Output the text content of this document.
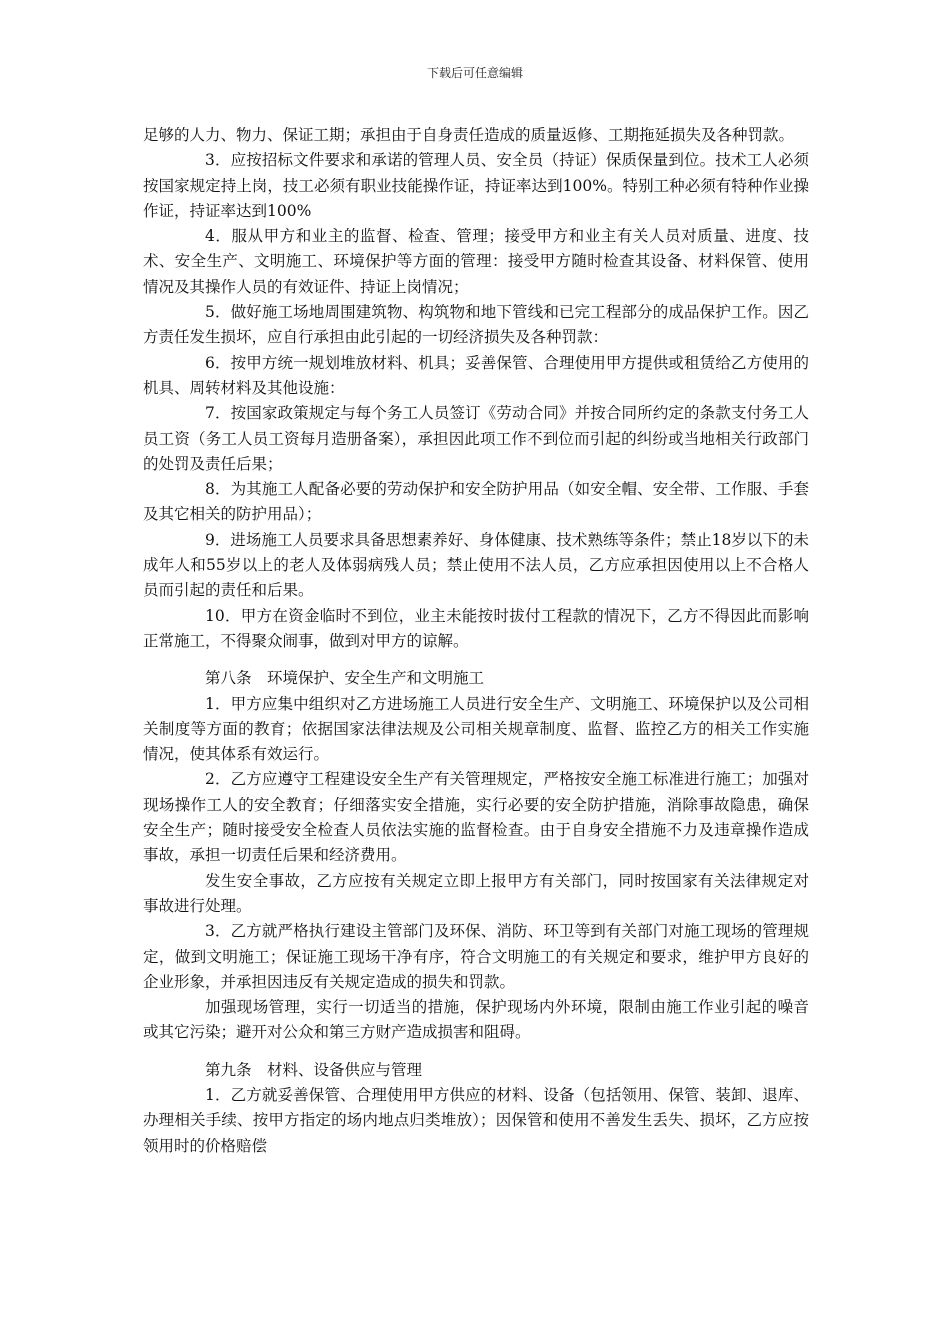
下载后可任意编辑

足够的人力、物力、保证工期；承担由于自身责任造成的质量返修、工期拖延损失及各种罚款。

3．应按招标文件要求和承诺的管理人员、安全员（持证）保质保量到位。技术工人必须按国家规定持上岗，技工必须有职业技能操作证，持证率达到100%。特别工种必须有特种作业操作证，持证率达到100%

4．服从甲方和业主的监督、检查、管理；接受甲方和业主有关人员对质量、进度、技术、安全生产、文明施工、环境保护等方面的管理：接受甲方随时检查其设备、材料保管、使用情况及其操作人员的有效证件、持证上岗情况；

5．做好施工场地周围建筑物、构筑物和地下管线和已完工程部分的成品保护工作。因乙方责任发生损坏，应自行承担由此引起的一切经济损失及各种罚款：

6．按甲方统一规划堆放材料、机具；妥善保管、合理使用甲方提供或租赁给乙方使用的机具、周转材料及其他设施：

7．按国家政策规定与每个务工人员签订《劳动合同》并按合同所约定的条款支付务工人员工资（务工人员工资每月造册备案），承担因此项工作不到位而引起的纠纷或当地相关行政部门的处罚及责任后果；

8．为其施工人配备必要的劳动保护和安全防护用品（如安全帽、安全带、工作服、手套及其它相关的防护用品）；

9．进场施工人员要求具备思想素养好、身体健康、技术熟练等条件；禁止18岁以下的未成年人和55岁以上的老人及体弱病残人员；禁止使用不法人员，乙方应承担因使用以上不合格人员而引起的责任和后果。

10．甲方在资金临时不到位，业主未能按时拔付工程款的情况下，乙方不得因此而影响正常施工，不得聚众闹事，做到对甲方的谅解。

第八条　环境保护、安全生产和文明施工

1．甲方应集中组织对乙方进场施工人员进行安全生产、文明施工、环境保护以及公司相关制度等方面的教育；依据国家法律法规及公司相关规章制度、监督、监控乙方的相关工作实施情况，使其体系有效运行。

2．乙方应遵守工程建设安全生产有关管理规定，严格按安全施工标准进行施工；加强对现场操作工人的安全教育；仔细落实安全措施，实行必要的安全防护措施，消除事故隐患，确保安全生产；随时接受安全检查人员依法实施的监督检查。由于自身安全措施不力及违章操作造成事故，承担一切责任后果和经济费用。

发生安全事故，乙方应按有关规定立即上报甲方有关部门，同时按国家有关法律规定对事故进行处理。

3．乙方就严格执行建设主管部门及环保、消防、环卫等到有关部门对施工现场的管理规定，做到文明施工；保证施工现场干净有序，符合文明施工的有关规定和要求，维护甲方良好的企业形象，并承担因违反有关规定造成的损失和罚款。

加强现场管理，实行一切适当的措施，保护现场内外环境，限制由施工作业引起的噪音或其它污染；避开对公众和第三方财产造成损害和阻碍。

第九条　材料、设备供应与管理

1．乙方就妥善保管、合理使用甲方供应的材料、设备（包括领用、保管、装卸、退库、办理相关手续、按甲方指定的场内地点归类堆放）；因保管和使用不善发生丢失、损坏，乙方应按领用时的价格赔偿
